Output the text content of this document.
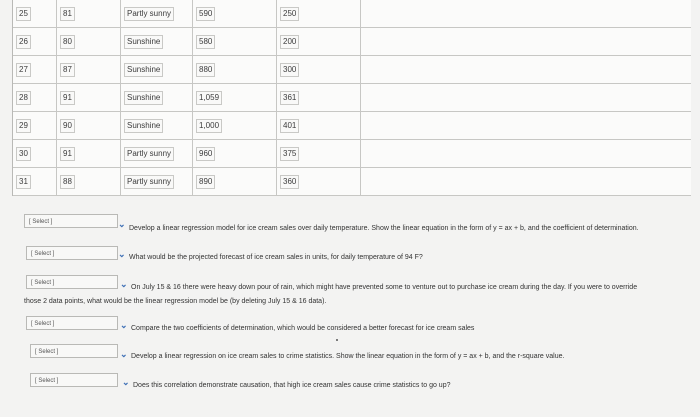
25	81	Partly sunny	590	250
26	80	Sunshine	580	200
27	87	Sunshine	880	300
28	91	Sunshine	1,059	361
29	90	Sunshine	1,000	401
30	91	Partly sunny	960	375
31	88	Partly sunny	890	360
[ Select ]	⌄ Develop a linear regression model for ice cream sales over daily temperature. Show the linear equation in the form of y = ax + b, and the coefficient of determination.
[ Select ]	⌄ What would be the projected forecast of ice cream sales in units, for daily temperature of 94 F?
[ Select ]	⌄ On July 15 & 16 there were heavy down pour of rain, which might have prevented some to venture out to purchase ice cream during the day. If you were to override
those 2 data points, what would be the linear regression model be (by deleting July 15 & 16 data).
[ Select ]	⌄ Compare the two coefficients of determination, which would be considered a better forecast for ice cream sales
[ Select ]	⌄ Develop a linear regression on ice cream sales to crime statistics. Show the linear equation in the form of y = ax + b, and the r-square value.
[ Select ]	⌄ Does this correlation demonstrate causation, that high ice cream sales cause crime statistics to go up?
